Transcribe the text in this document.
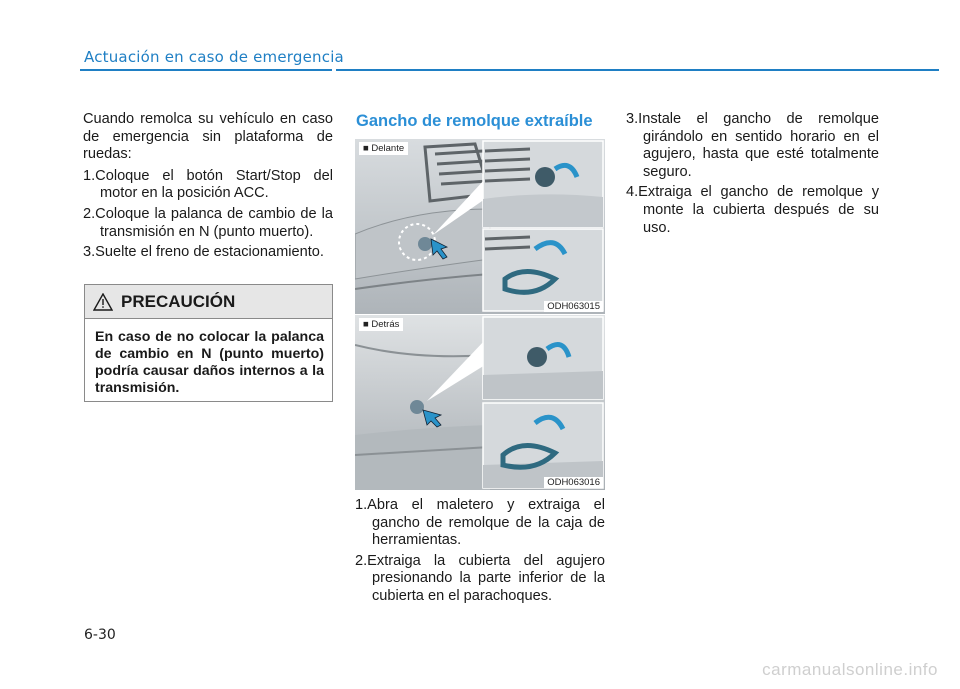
Actuación en caso de emergencia

Cuando remolca su vehículo en caso de emergencia sin plataforma de ruedas:

1.Coloque el botón Start/Stop del motor en la posición ACC.

2.Coloque la palanca de cambio de la transmisión en N (punto muerto).

3.Suelte el freno de estacionamiento.

PRECAUCIÓN
En caso de no colocar la palanca de cambio en N (punto muerto) podría causar daños internos a la transmisión.
Gancho de remolque extraíble
■ Delante
ODH063015
■ Detrás
ODH063016

1.Abra el maletero y extraiga el gancho de remolque de la caja de herramientas.

2.Extraiga la cubierta del agujero presionando la parte inferior de la cubierta en el parachoques.

3.Instale el gancho de remolque girándolo en sentido horario en el agujero, hasta que esté totalmente seguro.

4.Extraiga el gancho de remolque y monte la cubierta después de su uso.

6-30
carmanualsonline.info
